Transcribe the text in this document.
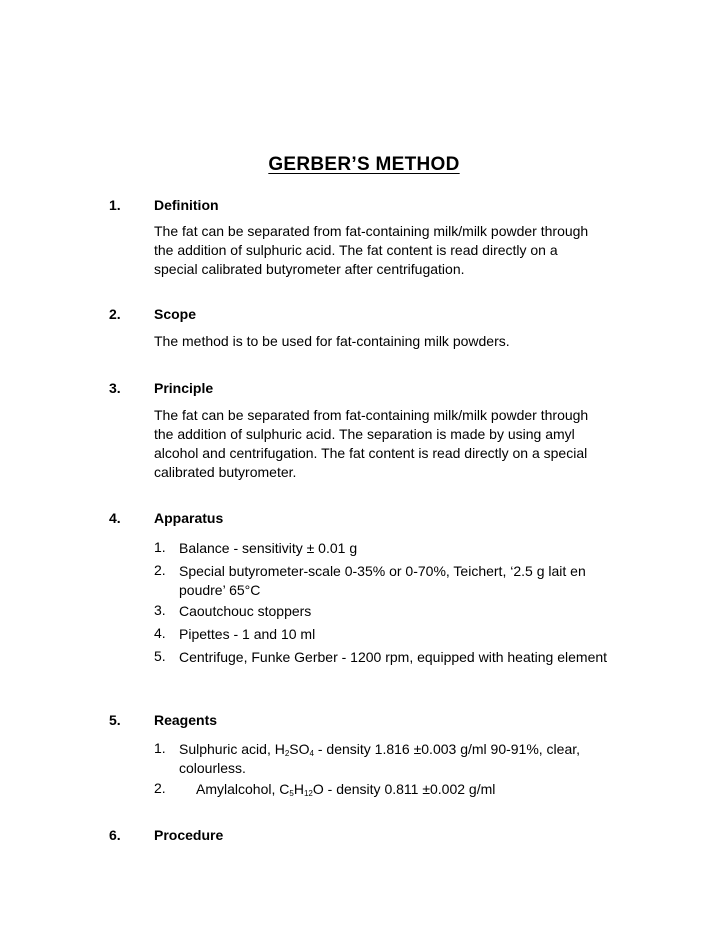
GERBER’S METHOD
1. Definition
The fat can be separated from fat-containing milk/milk powder through the addition of sulphuric acid. The fat content is read directly on a special calibrated butyrometer after centrifugation.
2. Scope
The method is to be used for fat-containing milk powders.
3. Principle
The fat can be separated from fat-containing milk/milk powder through the addition of sulphuric acid. The separation is made by using amyl alcohol and centrifugation. The fat content is read directly on a special calibrated butyrometer.
4. Apparatus
1. Balance - sensitivity ± 0.01 g
2. Special butyrometer-scale 0-35% or 0-70%, Teichert, ‘2.5 g lait en poudre’ 65°C
3. Caoutchouc stoppers
4. Pipettes - 1 and 10 ml
5. Centrifuge, Funke Gerber - 1200 rpm, equipped with heating element
5. Reagents
1. Sulphuric acid, $H_2SO_4$ - density 1.816 ±0.003 g/ml 90-91%, clear, colourless.
2. Amylalcohol, $C_5H_{12}O$ - density 0.811 ±0.002 g/ml
6. Procedure
